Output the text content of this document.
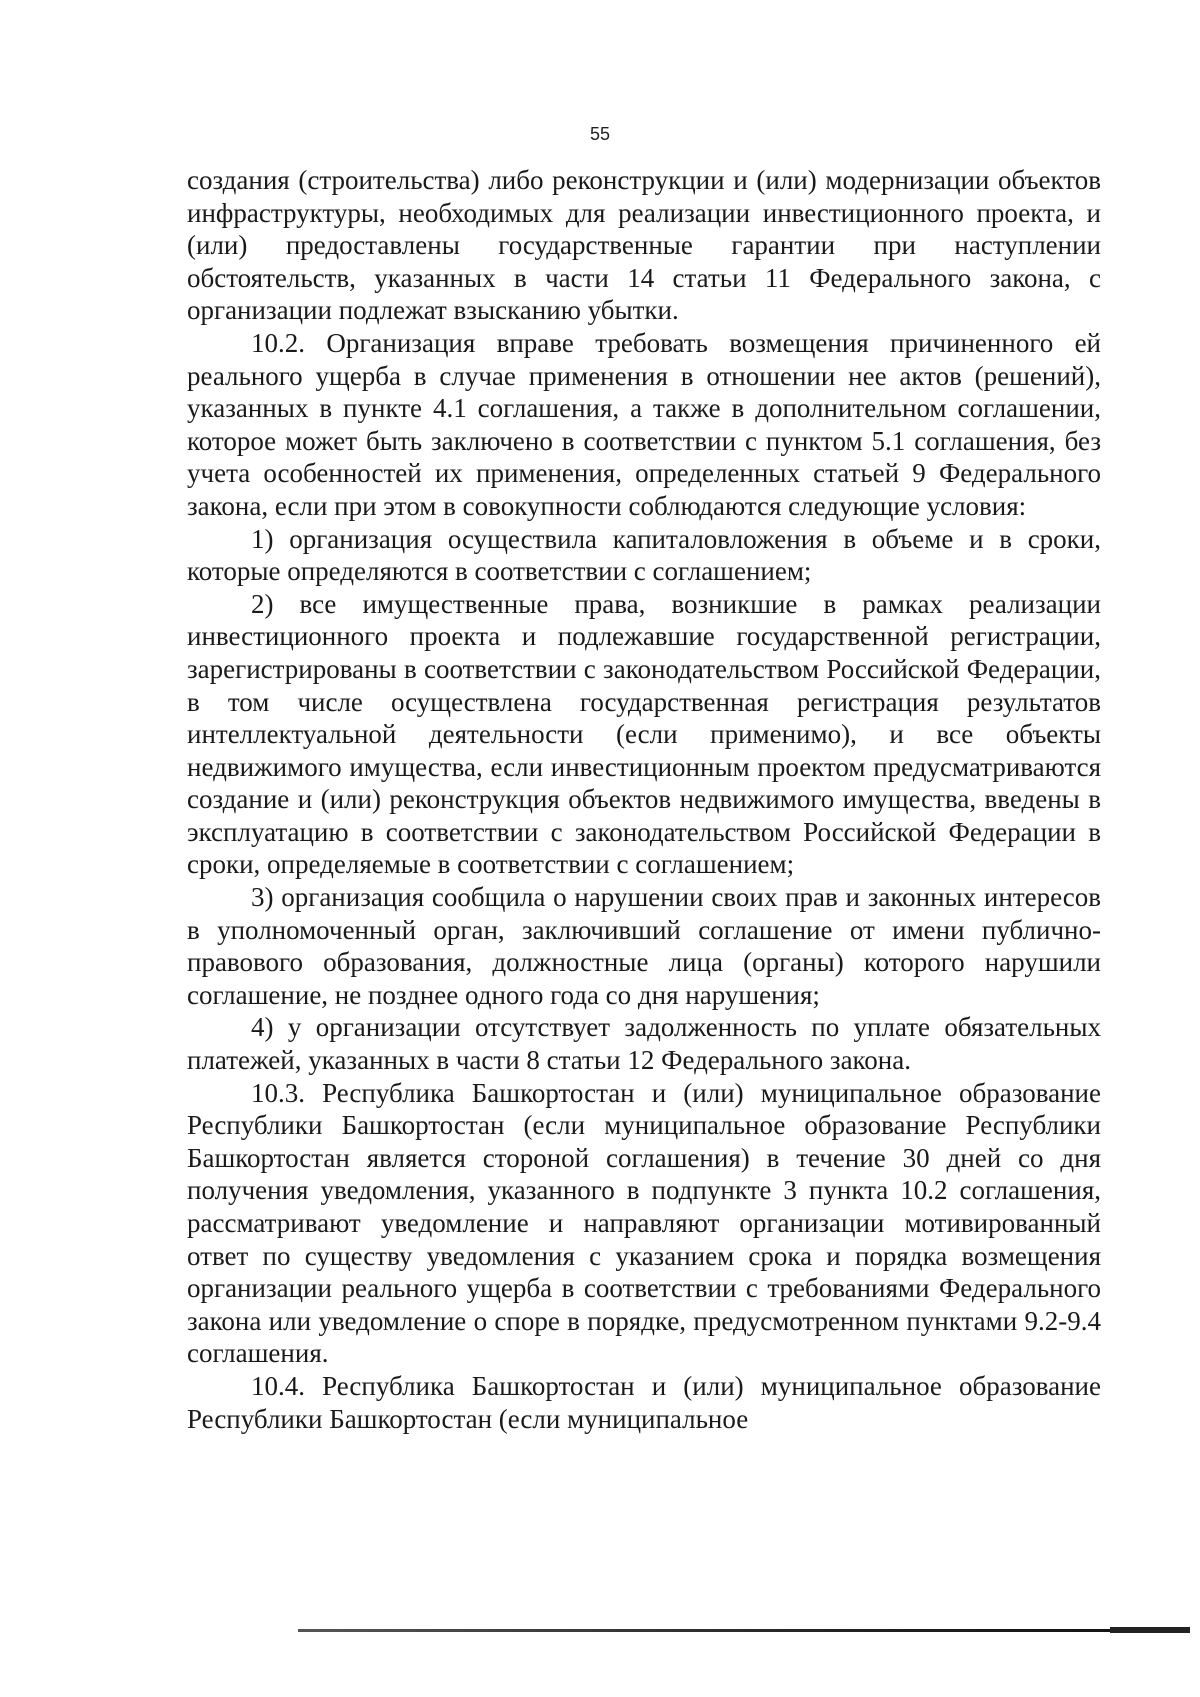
55

создания (строительства) либо реконструкции и (или) модернизации объектов инфраструктуры, необходимых для реализации инвестиционного проекта, и (или) предоставлены государственные гарантии при наступлении обстоятельств, указанных в части 14 статьи 11 Федерального закона, с организации подлежат взысканию убытки.

10.2. Организация вправе требовать возмещения причиненного ей реального ущерба в случае применения в отношении нее актов (решений), указанных в пункте 4.1 соглашения, а также в дополнительном соглашении, которое может быть заключено в соответствии с пунктом 5.1 соглашения, без учета особенностей их применения, определенных статьей 9 Федерального закона, если при этом в совокупности соблюдаются следующие условия:

1) организация осуществила капиталовложения в объеме и в сроки, которые определяются в соответствии с соглашением;

2) все имущественные права, возникшие в рамках реализации инвестиционного проекта и подлежавшие государственной регистрации, зарегистрированы в соответствии с законодательством Российской Федерации, в том числе осуществлена государственная регистрация результатов интеллектуальной деятельности (если применимо), и все объекты недвижимого имущества, если инвестиционным проектом предусматриваются создание и (или) реконструкция объектов недвижимого имущества, введены в эксплуатацию в соответствии с законодательством Российской Федерации в сроки, определяемые в соответствии с соглашением;

3) организация сообщила о нарушении своих прав и законных интересов в уполномоченный орган, заключивший соглашение от имени публично-правового образования, должностные лица (органы) которого нарушили соглашение, не позднее одного года со дня нарушения;

4) у организации отсутствует задолженность по уплате обязательных платежей, указанных в части 8 статьи 12 Федерального закона.

10.3. Республика Башкортостан и (или) муниципальное образование Республики Башкортостан (если муниципальное образование Республики Башкортостан является стороной соглашения) в течение 30 дней со дня получения уведомления, указанного в подпункте 3 пункта 10.2 соглашения, рассматривают уведомление и направляют организации мотивированный ответ по существу уведомления с указанием срока и порядка возмещения организации реального ущерба в соответствии с требованиями Федерального закона или уведомление о споре в порядке, предусмотренном пунктами 9.2-9.4 соглашения.

10.4. Республика Башкортостан и (или) муниципальное образование Республики Башкортостан (если муниципальное
